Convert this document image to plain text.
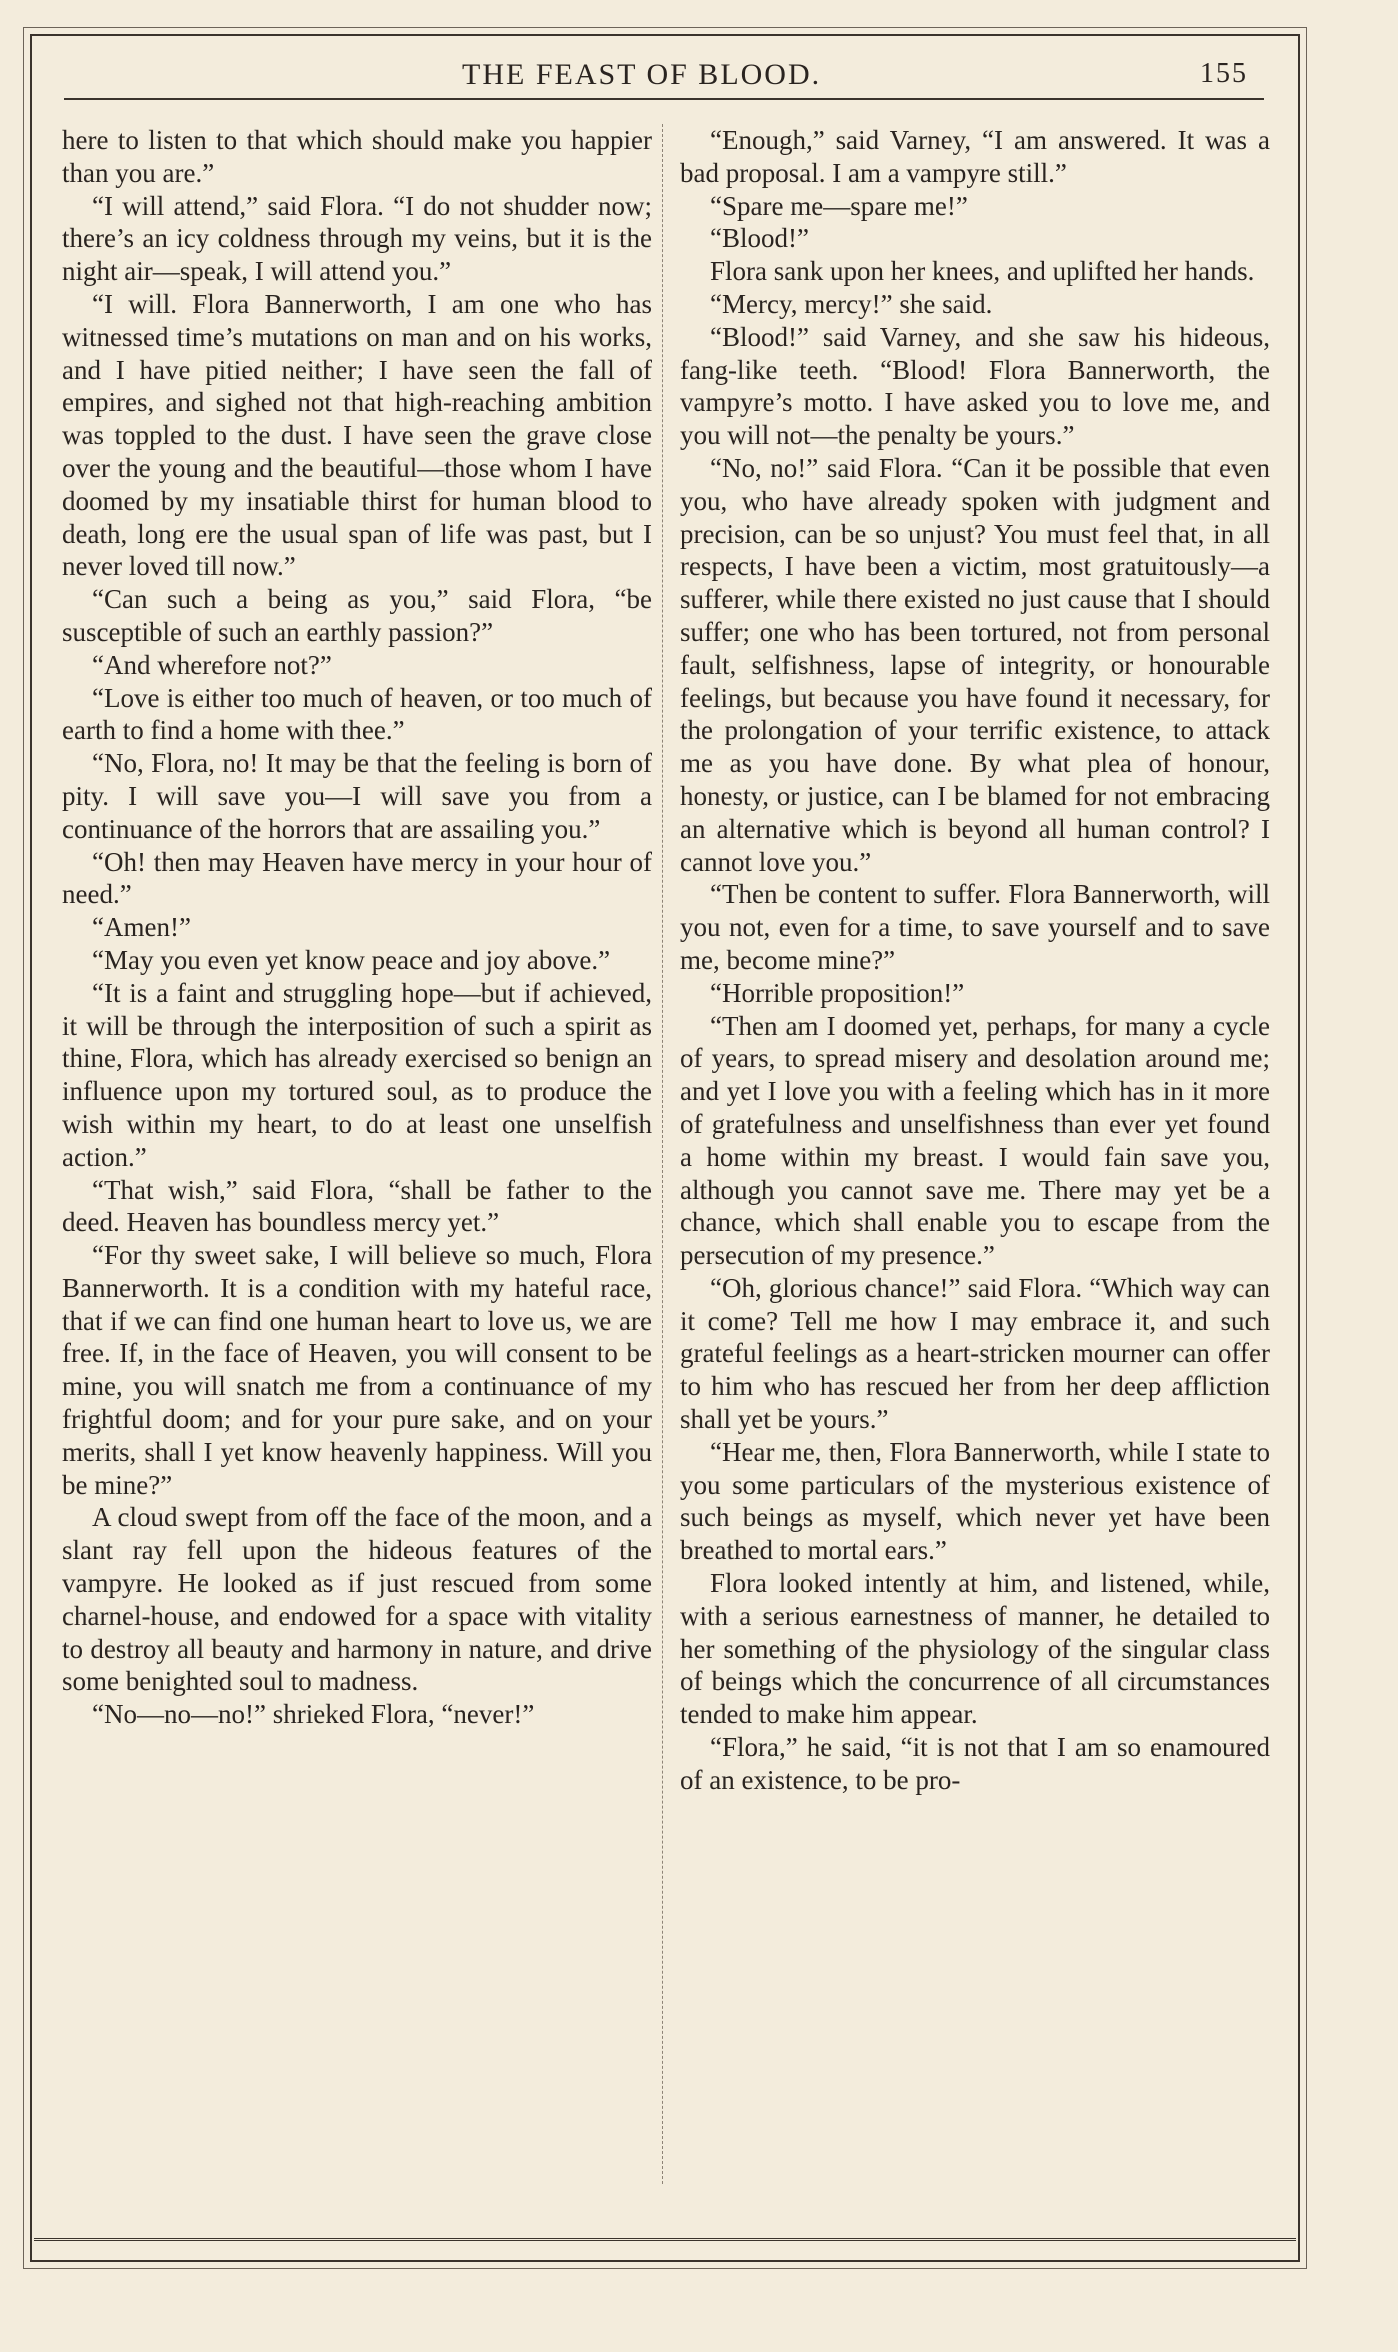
THE FEAST OF BLOOD.	155

here to listen to that which should make you happier than you are.”

“I will attend,” said Flora. “I do not shudder now; there’s an icy coldness through my veins, but it is the night air—speak, I will attend you.”

“I will. Flora Bannerworth, I am one who has witnessed time’s mutations on man and on his works, and I have pitied neither; I have seen the fall of empires, and sighed not that high-reaching ambition was toppled to the dust. I have seen the grave close over the young and the beautiful—those whom I have doomed by my insatiable thirst for human blood to death, long ere the usual span of life was past, but I never loved till now.”

“Can such a being as you,” said Flora, “be susceptible of such an earthly passion?”

“And wherefore not?”

“Love is either too much of heaven, or too much of earth to find a home with thee.”

“No, Flora, no! It may be that the feeling is born of pity. I will save you—I will save you from a continuance of the horrors that are assailing you.”

“Oh! then may Heaven have mercy in your hour of need.”

“Amen!”

“May you even yet know peace and joy above.”

“It is a faint and struggling hope—but if achieved, it will be through the interposition of such a spirit as thine, Flora, which has already exercised so benign an influence upon my tortured soul, as to produce the wish within my heart, to do at least one unselfish action.”

“That wish,” said Flora, “shall be father to the deed. Heaven has boundless mercy yet.”

“For thy sweet sake, I will believe so much, Flora Bannerworth. It is a condition with my hateful race, that if we can find one human heart to love us, we are free. If, in the face of Heaven, you will consent to be mine, you will snatch me from a continuance of my frightful doom; and for your pure sake, and on your merits, shall I yet know heavenly happiness. Will you be mine?”

A cloud swept from off the face of the moon, and a slant ray fell upon the hideous features of the vampyre. He looked as if just rescued from some charnel-house, and endowed for a space with vitality to destroy all beauty and harmony in nature, and drive some benighted soul to madness.

“No—no—no!” shrieked Flora, “never!”

“Enough,” said Varney, “I am answered. It was a bad proposal. I am a vampyre still.”

“Spare me—spare me!”

“Blood!”

Flora sank upon her knees, and uplifted her hands.

“Mercy, mercy!” she said.

“Blood!” said Varney, and she saw his hideous, fang-like teeth. “Blood! Flora Bannerworth, the vampyre’s motto. I have asked you to love me, and you will not—the penalty be yours.”

“No, no!” said Flora. “Can it be possible that even you, who have already spoken with judgment and precision, can be so unjust? You must feel that, in all respects, I have been a victim, most gratuitously—a sufferer, while there existed no just cause that I should suffer; one who has been tortured, not from personal fault, selfishness, lapse of integrity, or honourable feelings, but because you have found it necessary, for the prolongation of your terrific existence, to attack me as you have done. By what plea of honour, honesty, or justice, can I be blamed for not embracing an alternative which is beyond all human control? I cannot love you.”

“Then be content to suffer. Flora Bannerworth, will you not, even for a time, to save yourself and to save me, become mine?”

“Horrible proposition!”

“Then am I doomed yet, perhaps, for many a cycle of years, to spread misery and desolation around me; and yet I love you with a feeling which has in it more of gratefulness and unselfishness than ever yet found a home within my breast. I would fain save you, although you cannot save me. There may yet be a chance, which shall enable you to escape from the persecution of my presence.”

“Oh, glorious chance!” said Flora. “Which way can it come? Tell me how I may embrace it, and such grateful feelings as a heart-stricken mourner can offer to him who has rescued her from her deep affliction shall yet be yours.”

“Hear me, then, Flora Bannerworth, while I state to you some particulars of the mysterious existence of such beings as myself, which never yet have been breathed to mortal ears.”

Flora looked intently at him, and listened, while, with a serious earnestness of manner, he detailed to her something of the physiology of the singular class of beings which the concurrence of all circumstances tended to make him appear.

“Flora,” he said, “it is not that I am so enamoured of an existence, to be pro-
